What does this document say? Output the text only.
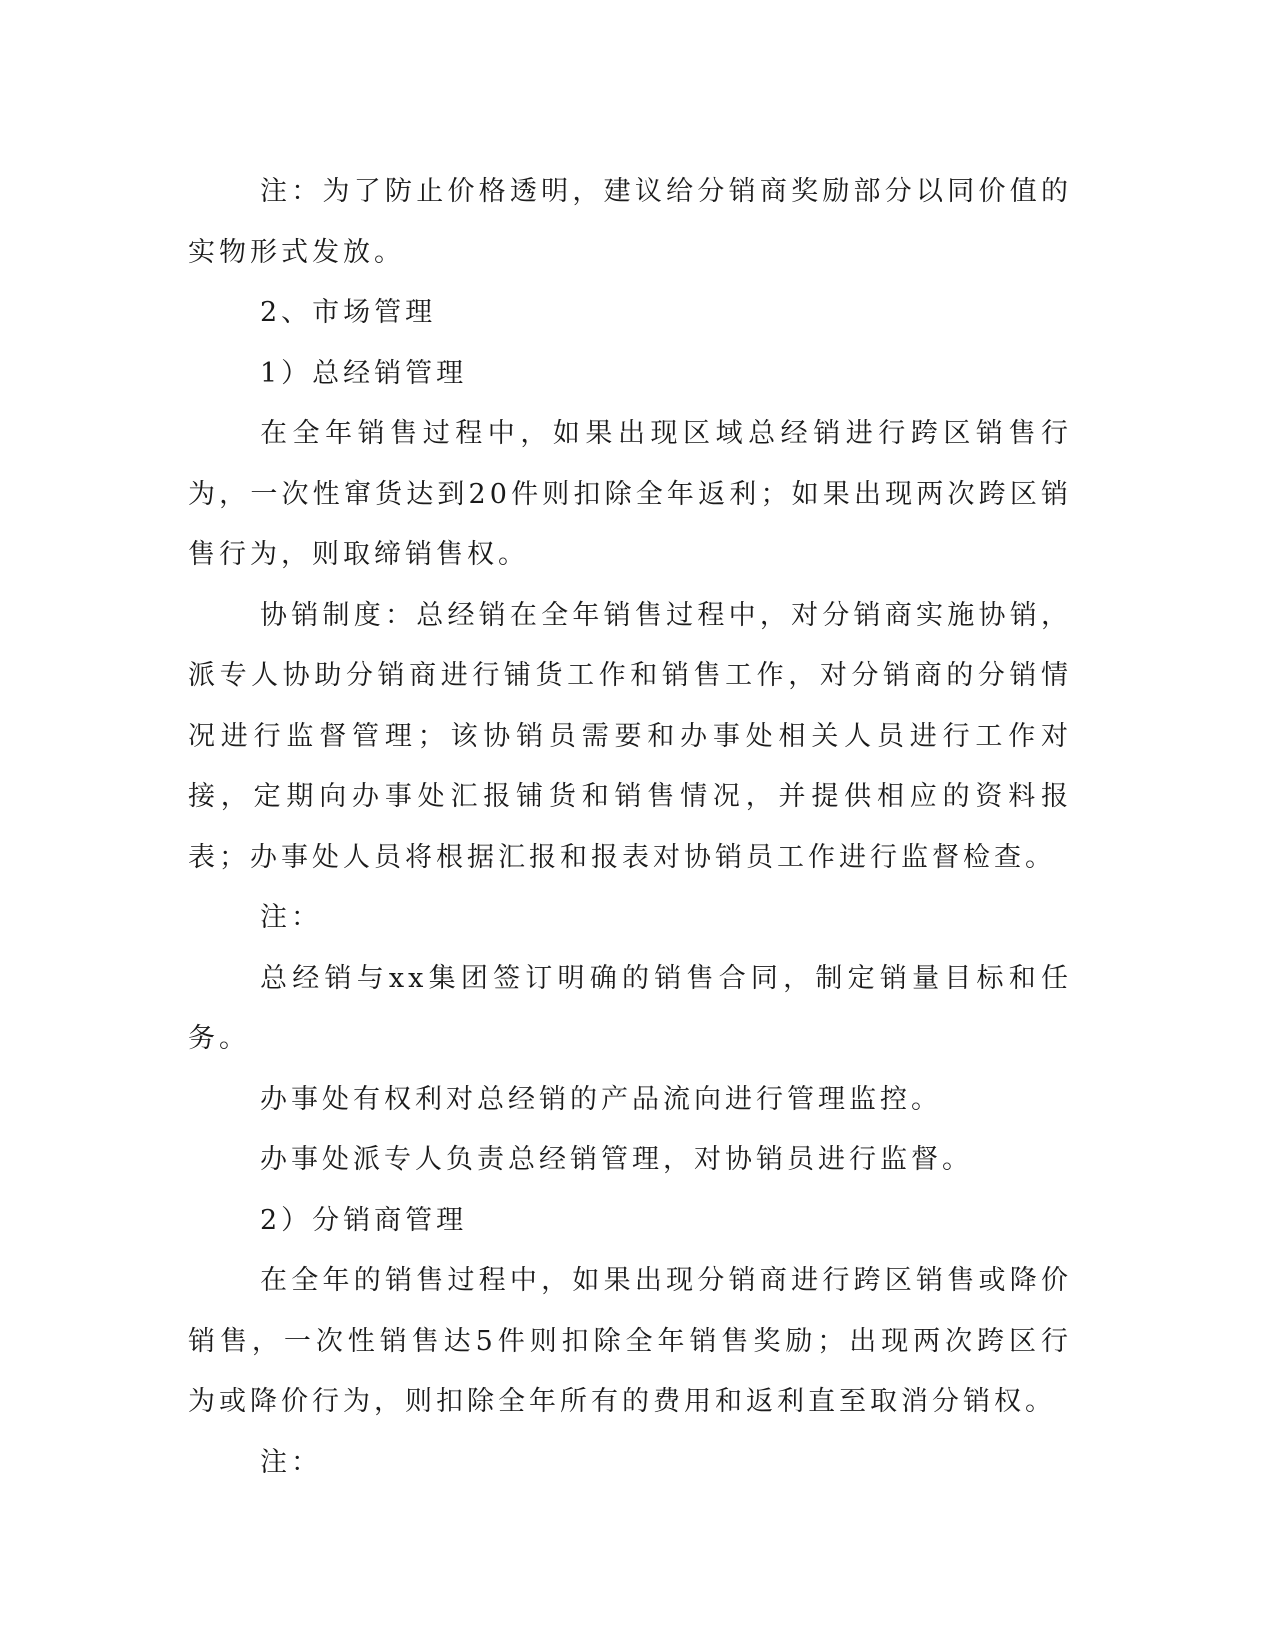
注：为了防止价格透明，建议给分销商奖励部分以同价值的实物形式发放。

2、市场管理

1）总经销管理

在全年销售过程中，如果出现区域总经销进行跨区销售行为，一次性窜货达到20件则扣除全年返利；如果出现两次跨区销售行为，则取缔销售权。

协销制度：总经销在全年销售过程中，对分销商实施协销，派专人协助分销商进行铺货工作和销售工作，对分销商的分销情况进行监督管理；该协销员需要和办事处相关人员进行工作对接，定期向办事处汇报铺货和销售情况，并提供相应的资料报表；办事处人员将根据汇报和报表对协销员工作进行监督检查。

注：

总经销与xx集团签订明确的销售合同，制定销量目标和任务。

办事处有权利对总经销的产品流向进行管理监控。

办事处派专人负责总经销管理，对协销员进行监督。

2）分销商管理

在全年的销售过程中，如果出现分销商进行跨区销售或降价销售，一次性销售达5件则扣除全年销售奖励；出现两次跨区行为或降价行为，则扣除全年所有的费用和返利直至取消分销权。

注：
